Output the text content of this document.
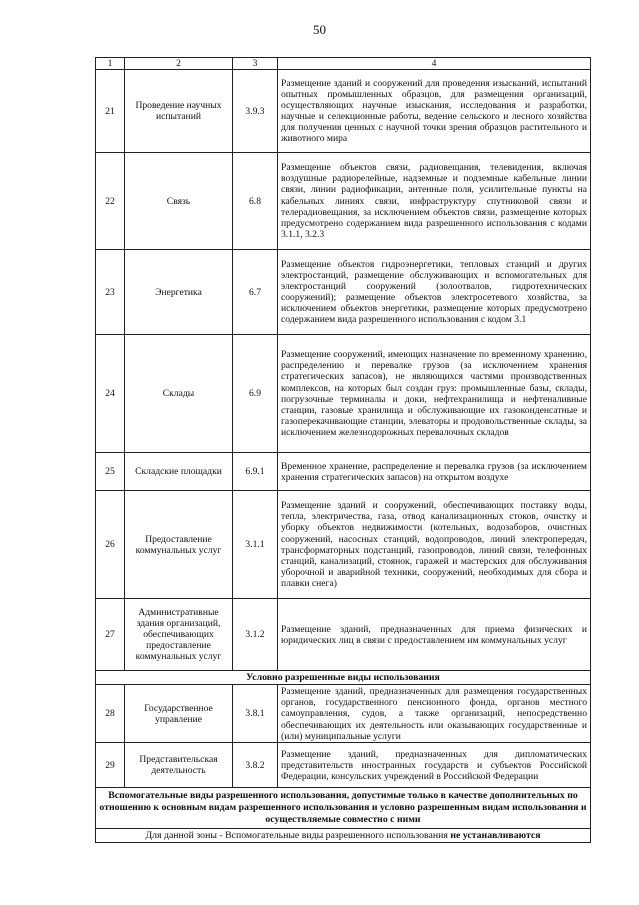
50
1	2	3	4
21	Проведение научных испытаний	3.9.3	Размещение зданий и сооружений для проведения изысканий, испытаний опытных промышленных образцов, для размещения организаций, осуществляющих научные изыскания, исследования и разработки, научные и селекционные работы, ведение сельского и лесного хозяйства для получения ценных с научной точки зрения образцов растительного и животного мира
22	Связь	6.8	Размещение объектов связи, радиовещания, телевидения, включая воздушные радиорелейные, надземные и подземные кабельные линии связи, линии радиофикации, антенные поля, усилительные пункты на кабельных линиях связи, инфраструктуру спутниковой связи и телерадиовещания, за исключением объектов связи, размещение которых предусмотрено содержанием вида разрешенного использования с кодами 3.1.1, 3.2.3
23	Энергетика	6.7	Размещение объектов гидроэнергетики, тепловых станций и других электростанций, размещение обслуживающих и вспомогательных для электростанций сооружений (золоотвалов, гидротехнических сооружений); размещение объектов электросетевого хозяйства, за исключением объектов энергетики, размещение которых предусмотрено содержанием вида разрешенного использования с кодом 3.1
24	Склады	6.9	Размещение сооружений, имеющих назначение по временному хранению, распределению и перевалке грузов (за исключением хранения стратегических запасов), не являющихся частями производственных комплексов, на которых был создан груз: промышленные базы, склады, погрузочные терминалы и доки, нефтехранилища и нефтеналивные станции, газовые хранилища и обслуживающие их газоконденсатные и газоперекачивающие станции, элеваторы и продовольственные склады, за исключением железнодорожных перевалочных складов
25	Складские площадки	6.9.1	Временное хранение, распределение и перевалка грузов (за исключением хранения стратегических запасов) на открытом воздухе
26	Предоставление коммунальных услуг	3.1.1	Размещение зданий и сооружений, обеспечивающих поставку воды, тепла, электричества, газа, отвод канализационных стоков, очистку и уборку объектов недвижимости (котельных, водозаборов, очистных сооружений, насосных станций, водопроводов, линий электропередач, трансформаторных подстанций, газопроводов, линий связи, телефонных станций, канализаций, стоянок, гаражей и мастерских для обслуживания уборочной и аварийной техники, сооружений, необходимых для сбора и плавки снега)
27	Административные здания организаций, обеспечивающих предоставление коммунальных услуг	3.1.2	Размещение зданий, предназначенных для приема физических и юридических лиц в связи с предоставлением им коммунальных услуг
Условно разрешенные виды использования			
28	Государственное управление	3.8.1	Размещение зданий, предназначенных для размещения государственных органов, государственного пенсионного фонда, органов местного самоуправления, судов, а также организаций, непосредственно обеспечивающих их деятельность или оказывающих государственные и (или) муниципальные услуги
29	Представительская деятельность	3.8.2	Размещение зданий, предназначенных для дипломатических представительств иностранных государств и субъектов Российской Федерации, консульских учреждений в Российской Федерации
Вспомогательные виды разрешенного использования, допустимые только в качестве дополнительных по отношению к основным видам разрешенного использования и условно разрешенным видам использования и осуществляемые совместно с ними			
Для данной зоны - Вспомогательные виды разрешенного использования не устанавливаются			
